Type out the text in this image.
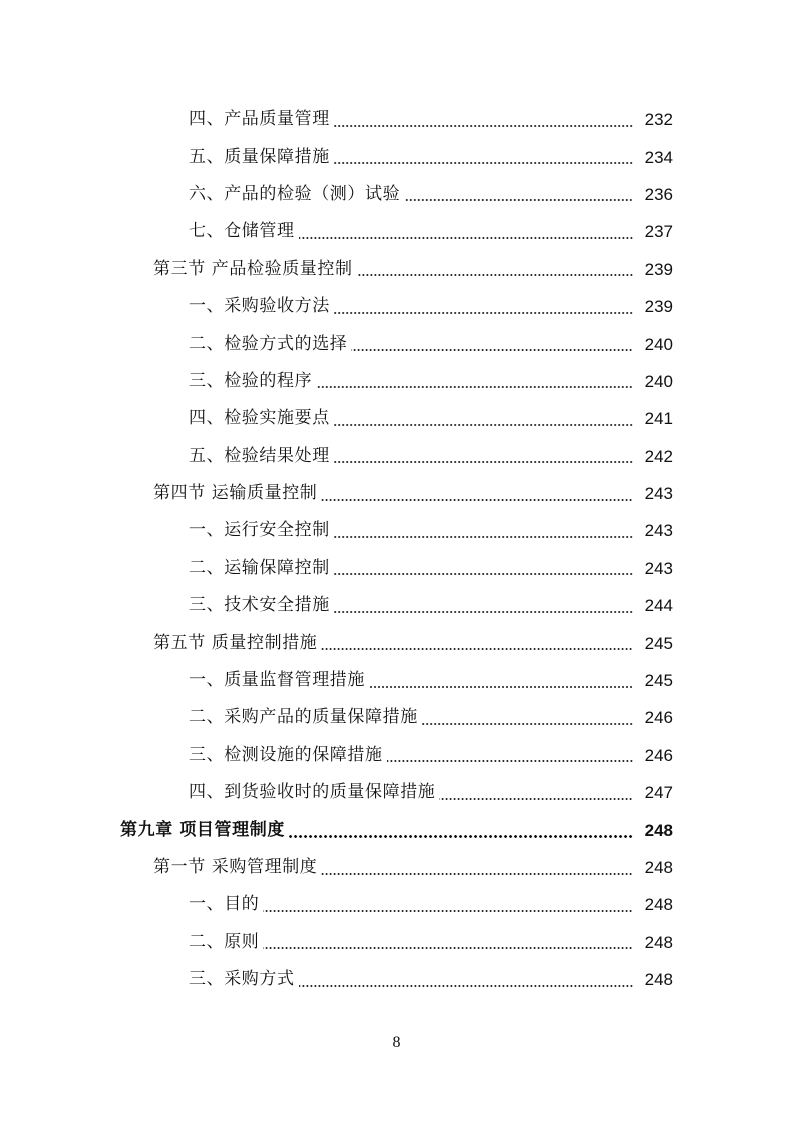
四、产品质量管理	232
五、质量保障措施	234
六、产品的检验（测）试验	236
七、仓储管理	237
第三节 产品检验质量控制	239
一、采购验收方法	239
二、检验方式的选择	240
三、检验的程序	240
四、检验实施要点	241
五、检验结果处理	242
第四节 运输质量控制	243
一、运行安全控制	243
二、运输保障控制	243
三、技术安全措施	244
第五节 质量控制措施	245
一、质量监督管理措施	245
二、采购产品的质量保障措施	246
三、检测设施的保障措施	246
四、到货验收时的质量保障措施	247
第九章 项目管理制度	248
第一节 采购管理制度	248
一、目的	248
二、原则	248
三、采购方式	248
8
